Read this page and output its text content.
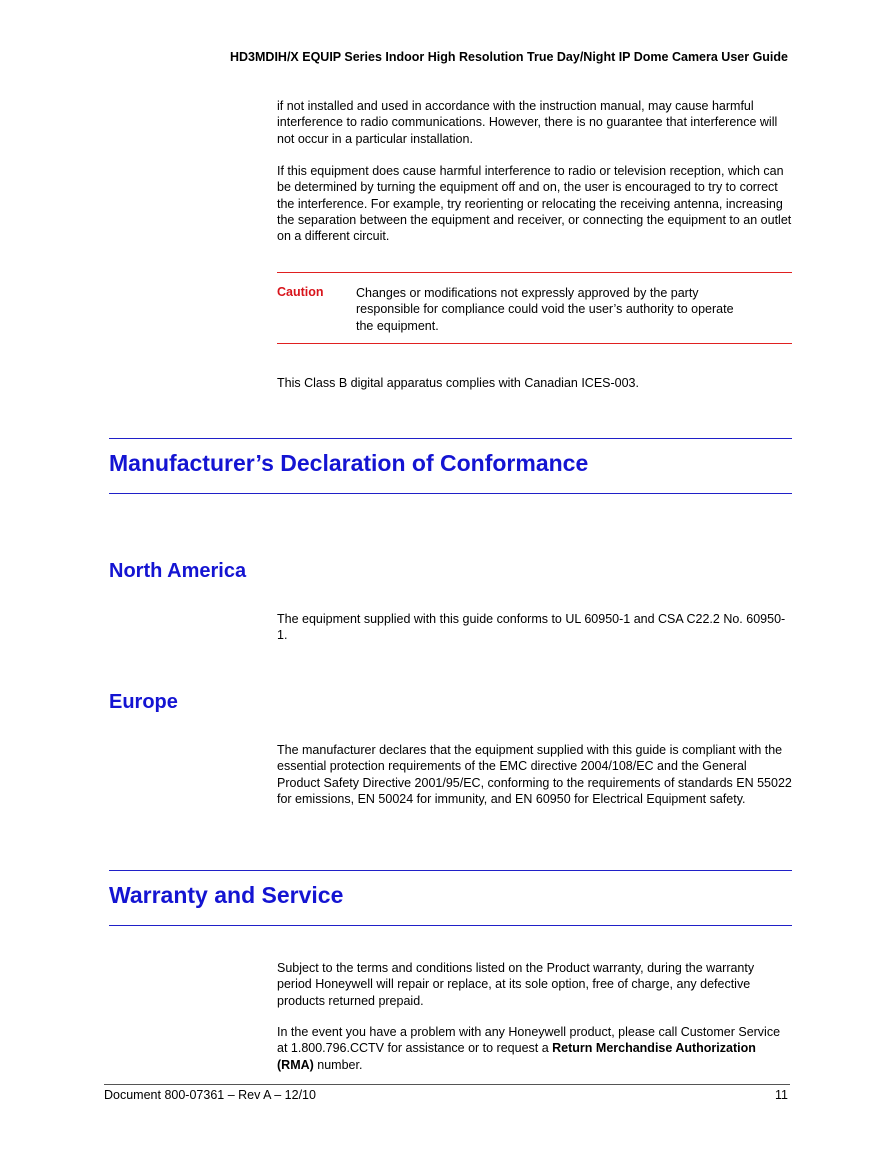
HD3MDIH/X EQUIP Series Indoor High Resolution True Day/Night IP Dome Camera User Guide

if not installed and used in accordance with the instruction manual, may cause harmful interference to radio communications. However, there is no guarantee that interference will not occur in a particular installation.

If this equipment does cause harmful interference to radio or television reception, which can be determined by turning the equipment off and on, the user is encouraged to try to correct the interference. For example, try reorienting or relocating the receiving antenna, increasing the separation between the equipment and receiver, or connecting the equipment to an outlet on a different circuit.

Caution	Changes or modifications not expressly approved by the party responsible for compliance could void the user’s authority to operate the equipment.

This Class B digital apparatus complies with Canadian ICES-003.

Manufacturer’s Declaration of Conformance
North America

The equipment supplied with this guide conforms to UL 60950-1 and CSA C22.2 No. 60950-1.

Europe

The manufacturer declares that the equipment supplied with this guide is compliant with the essential protection requirements of the EMC directive 2004/108/EC and the General Product Safety Directive 2001/95/EC, conforming to the requirements of standards EN 55022 for emissions, EN 50024 for immunity, and EN 60950 for Electrical Equipment safety.

Warranty and Service

Subject to the terms and conditions listed on the Product warranty, during the warranty period Honeywell will repair or replace, at its sole option, free of charge, any defective products returned prepaid.

In the event you have a problem with any Honeywell product, please call Customer Service at 1.800.796.CCTV for assistance or to request a Return Merchandise Authorization (RMA) number.

Document 800-07361 – Rev A – 12/10	11
